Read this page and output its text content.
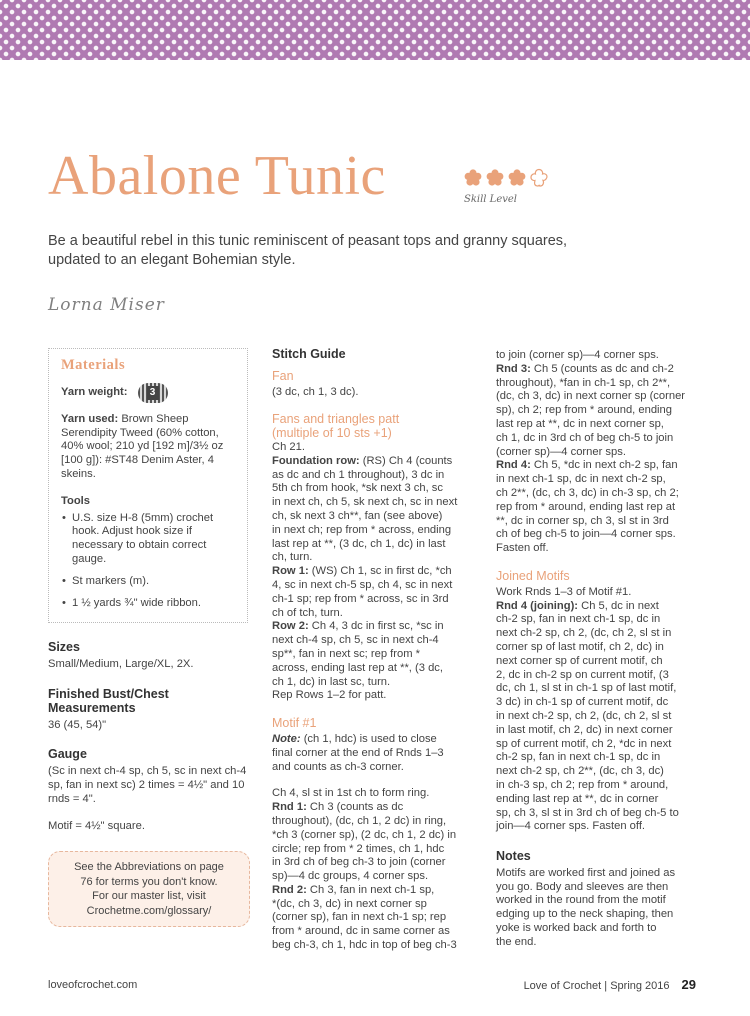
Abalone Tunic	Skill Level

Be a beautiful rebel in this tunic reminiscent of peasant tops and granny squares, updated to an elegant Bohemian style.

Lorna Miser
Materials
Yarn weight:	3

Yarn used: Brown Sheep Serendipity Tweed (60% cotton, 40% wool; 210 yd [192 m]/3½ oz [100 g]): #ST48 Denim Aster, 4 skeins.

Tools

• U.S. size H-8 (5mm) crochet hook. Adjust hook size if necessary to obtain correct gauge.
• St markers (m).
• 1 ½ yards ¾" wide ribbon.
Sizes

Small/Medium, Large/XL, 2X.

Finished Bust/Chest Measurements

36 (45, 54)"

Gauge

(Sc in next ch-4 sp, ch 5, sc in next ch-4 sp, fan in next sc) 2 times = 4½" and 10 rnds = 4".

Motif = 4½" square.

See the Abbreviations on page
76 for terms you don't know.
For our master list, visit
Crochetme.com/glossary/
Stitch Guide
Fan

(3 dc, ch 1, 3 dc).

Fans and triangles patt
(multiple of 10 sts +1)

Ch 21.

Foundation row: (RS) Ch 4 (counts
as dc and ch 1 throughout), 3 dc in
5th ch from hook, *sk next 3 ch, sc
in next ch, ch 5, sk next ch, sc in next
ch, sk next 3 ch**, fan (see above)
in next ch; rep from * across, ending
last rep at **, (3 dc, ch 1, dc) in last
ch, turn.

Row 1: (WS) Ch 1, sc in first dc, *ch
4, sc in next ch-5 sp, ch 4, sc in next
ch-1 sp; rep from * across, sc in 3rd
ch of tch, turn.

Row 2: Ch 4, 3 dc in first sc, *sc in
next ch-4 sp, ch 5, sc in next ch-4
sp**, fan in next sc; rep from *
across, ending last rep at **, (3 dc,
ch 1, dc) in last sc, turn.

Rep Rows 1–2 for patt.

Motif #1

Note: (ch 1, hdc) is used to close
final corner at the end of Rnds 1–3
and counts as ch-3 corner.

Ch 4, sl st in 1st ch to form ring.

Rnd 1: Ch 3 (counts as dc
throughout), (dc, ch 1, 2 dc) in ring,
*ch 3 (corner sp), (2 dc, ch 1, 2 dc) in
circle; rep from * 2 times, ch 1, hdc
in 3rd ch of beg ch-3 to join (corner
sp)—4 dc groups, 4 corner sps.

Rnd 2: Ch 3, fan in next ch-1 sp,
*(dc, ch 3, dc) in next corner sp
(corner sp), fan in next ch-1 sp; rep
from * around, dc in same corner as
beg ch-3, ch 1, hdc in top of beg ch-3

to join (corner sp)—4 corner sps.

Rnd 3: Ch 5 (counts as dc and ch-2
throughout), *fan in ch-1 sp, ch 2**,
(dc, ch 3, dc) in next corner sp (corner
sp), ch 2; rep from * around, ending
last rep at **, dc in next corner sp,
ch 1, dc in 3rd ch of beg ch-5 to join
(corner sp)—4 corner sps.

Rnd 4: Ch 5, *dc in next ch-2 sp, fan
in next ch-1 sp, dc in next ch-2 sp,
ch 2**, (dc, ch 3, dc) in ch-3 sp, ch 2;
rep from * around, ending last rep at
**, dc in corner sp, ch 3, sl st in 3rd
ch of beg ch-5 to join—4 corner sps.
Fasten off.

Joined Motifs

Work Rnds 1–3 of Motif #1.

Rnd 4 (joining): Ch 5, dc in next
ch-2 sp, fan in next ch-1 sp, dc in
next ch-2 sp, ch 2, (dc, ch 2, sl st in
corner sp of last motif, ch 2, dc) in
next corner sp of current motif, ch
2, dc in ch-2 sp on current motif, (3
dc, ch 1, sl st in ch-1 sp of last motif,
3 dc) in ch-1 sp of current motif, dc
in next ch-2 sp, ch 2, (dc, ch 2, sl st
in last motif, ch 2, dc) in next corner
sp of current motif, ch 2, *dc in next
ch-2 sp, fan in next ch-1 sp, dc in
next ch-2 sp, ch 2**, (dc, ch 3, dc)
in ch-3 sp, ch 2; rep from * around,
ending last rep at **, dc in corner
sp, ch 3, sl st in 3rd ch of beg ch-5 to
join—4 corner sps. Fasten off.

Notes

Motifs are worked first and joined as
you go. Body and sleeves are then
worked in the round from the motif
edging up to the neck shaping, then
yoke is worked back and forth to
the end.

loveofcrochet.com	Love of Crochet | Spring 2016 29
